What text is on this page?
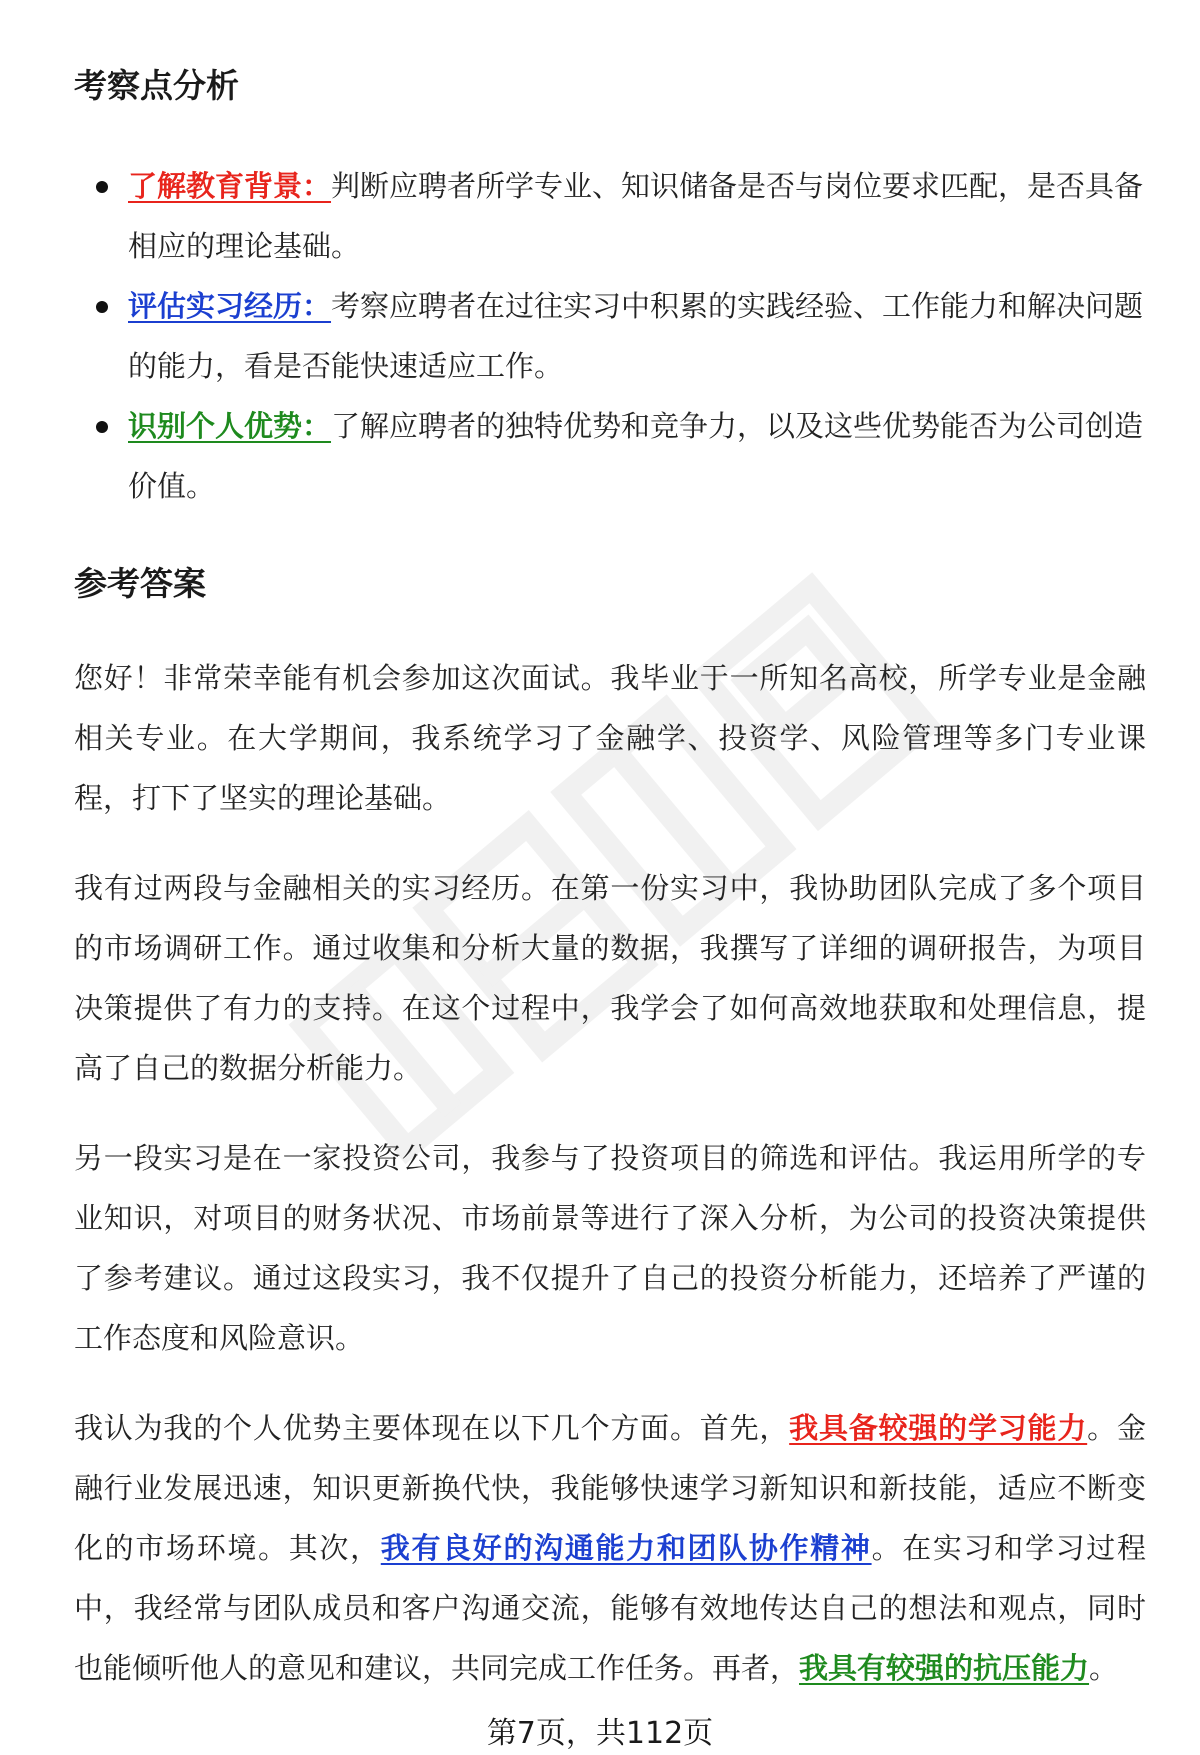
考察点分析
了解教育背景：判断应聘者所学专业、知识储备是否与岗位要求匹配，是否具备相应的理论基础。
评估实习经历：考察应聘者在过往实习中积累的实践经验、工作能力和解决问题的能力，看是否能快速适应工作。
识别个人优势：了解应聘者的独特优势和竞争力，以及这些优势能否为公司创造价值。
参考答案

您好！非常荣幸能有机会参加这次面试。我毕业于一所知名高校，所学专业是金融相关专业。在大学期间，我系统学习了金融学、投资学、风险管理等多门专业课程，打下了坚实的理论基础。

我有过两段与金融相关的实习经历。在第一份实习中，我协助团队完成了多个项目的市场调研工作。通过收集和分析大量的数据，我撰写了详细的调研报告，为项目决策提供了有力的支持。在这个过程中，我学会了如何高效地获取和处理信息，提高了自己的数据分析能力。

另一段实习是在一家投资公司，我参与了投资项目的筛选和评估。我运用所学的专业知识，对项目的财务状况、市场前景等进行了深入分析，为公司的投资决策提供了参考建议。通过这段实习，我不仅提升了自己的投资分析能力，还培养了严谨的工作态度和风险意识。

我认为我的个人优势主要体现在以下几个方面。首先，我具备较强的学习能力。金融行业发展迅速，知识更新换代快，我能够快速学习新知识和新技能，适应不断变化的市场环境。其次，我有良好的沟通能力和团队协作精神。在实习和学习过程中，我经常与团队成员和客户沟通交流，能够有效地传达自己的想法和观点，同时也能倾听他人的意见和建议，共同完成工作任务。再者，我具有较强的抗压能力。

第7页，共112页
